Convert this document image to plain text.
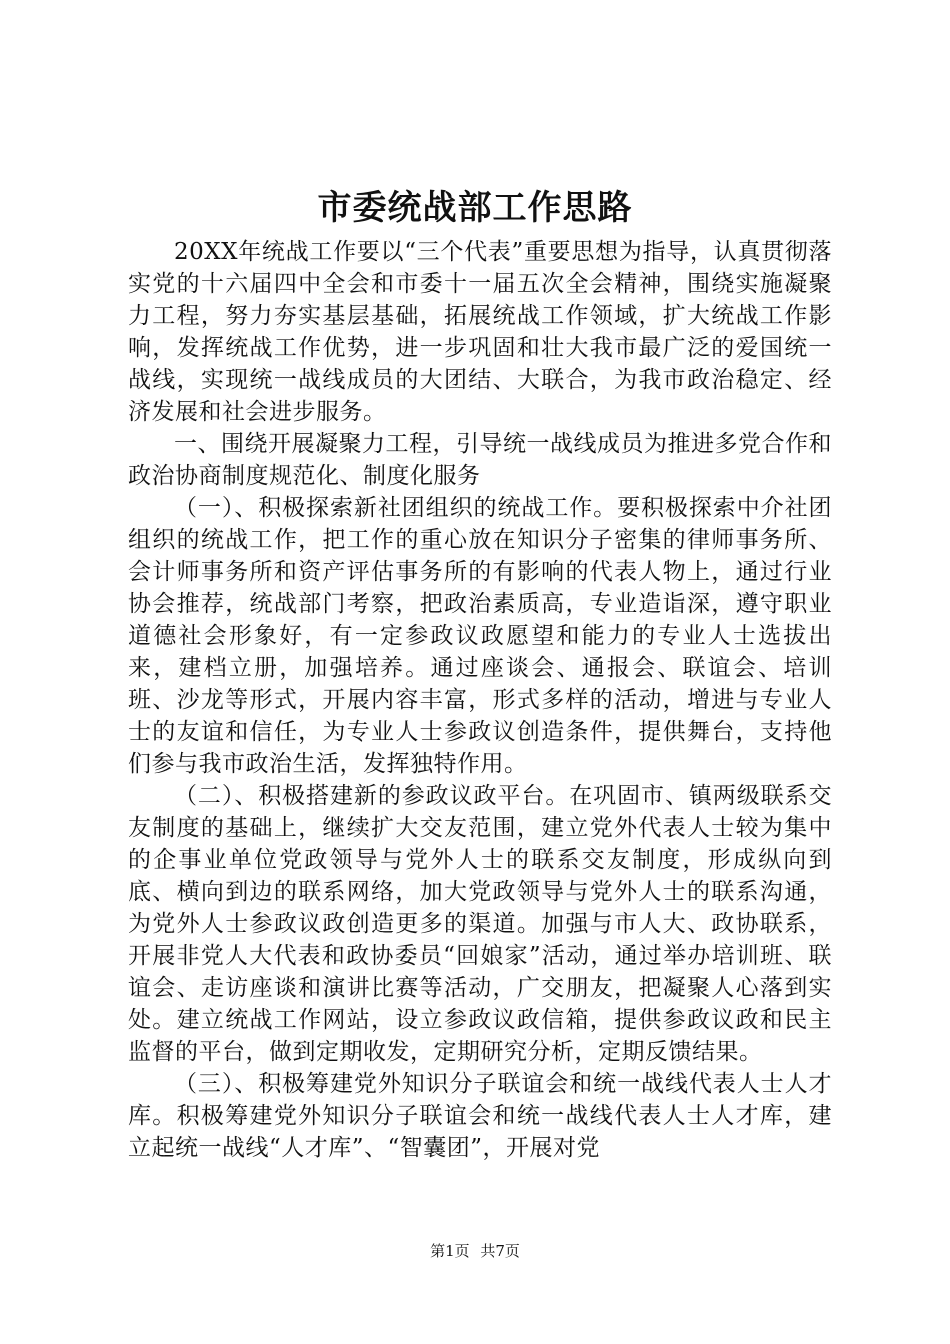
市委统战部工作思路

20XX年统战工作要以“三个代表”重要思想为指导，认真贯彻落实党的十六届四中全会和市委十一届五次全会精神，围绕实施凝聚力工程，努力夯实基层基础，拓展统战工作领域，扩大统战工作影响，发挥统战工作优势，进一步巩固和壮大我市最广泛的爱国统一战线，实现统一战线成员的大团结、大联合，为我市政治稳定、经济发展和社会进步服务。

一、围绕开展凝聚力工程，引导统一战线成员为推进多党合作和政治协商制度规范化、制度化服务

（一）、积极探索新社团组织的统战工作。要积极探索中介社团组织的统战工作，把工作的重心放在知识分子密集的律师事务所、会计师事务所和资产评估事务所的有影响的代表人物上，通过行业协会推荐，统战部门考察，把政治素质高，专业造诣深，遵守职业道德社会形象好，有一定参政议政愿望和能力的专业人士选拔出来，建档立册，加强培养。通过座谈会、通报会、联谊会、培训班、沙龙等形式，开展内容丰富，形式多样的活动，增进与专业人士的友谊和信任，为专业人士参政议创造条件，提供舞台，支持他们参与我市政治生活，发挥独特作用。

（二）、积极搭建新的参政议政平台。在巩固市、镇两级联系交友制度的基础上，继续扩大交友范围，建立党外代表人士较为集中的企事业单位党政领导与党外人士的联系交友制度，形成纵向到底、横向到边的联系网络，加大党政领导与党外人士的联系沟通，为党外人士参政议政创造更多的渠道。加强与市人大、政协联系，开展非党人大代表和政协委员“回娘家”活动，通过举办培训班、联谊会、走访座谈和演讲比赛等活动，广交朋友，把凝聚人心落到实处。建立统战工作网站，设立参政议政信箱，提供参政议政和民主监督的平台，做到定期收发，定期研究分析，定期反馈结果。

（三）、积极筹建党外知识分子联谊会和统一战线代表人士人才库。积极筹建党外知识分子联谊会和统一战线代表人士人才库，建立起统一战线“人才库”、“智囊团”，开展对党

第1页 共7页
